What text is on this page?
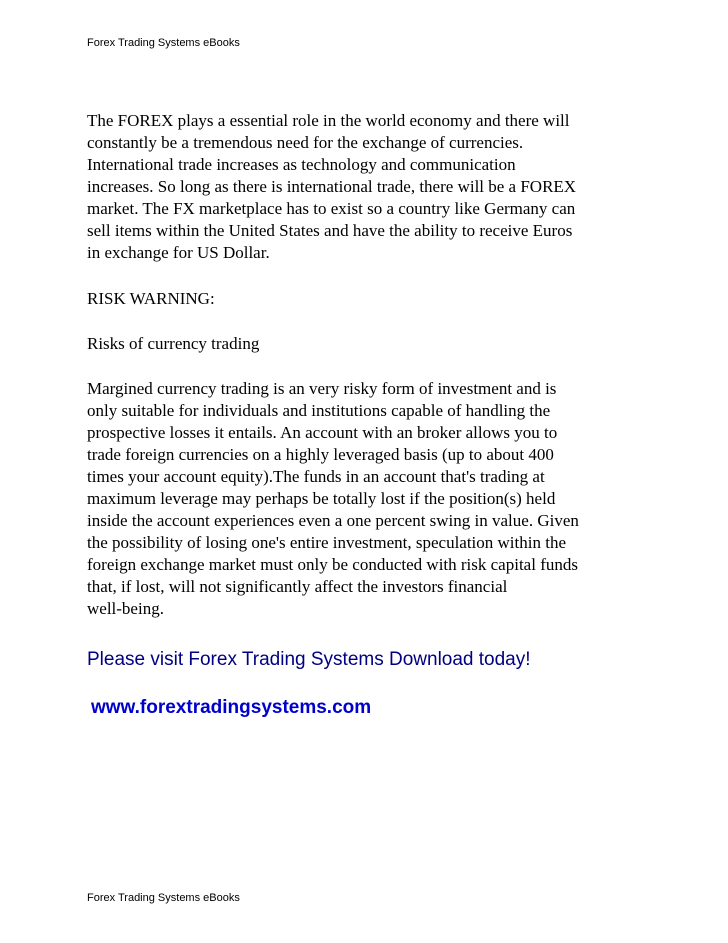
Forex Trading Systems eBooks
The FOREX plays a essential role in the world economy and there will
constantly be a tremendous need for the exchange of currencies.
International trade increases as technology and communication
increases. So long as there is international trade, there will be a FOREX
market. The FX marketplace has to exist so a country like Germany can
sell items within the United States and have the ability to receive Euros
in exchange for US Dollar.
RISK WARNING:
Risks of currency trading
Margined currency trading is an very risky form of investment and is
only suitable for individuals and institutions capable of handling the
prospective losses it entails. An account with an broker allows you to
trade foreign currencies on a highly leveraged basis (up to about 400
times your account equity).The funds in an account that's trading at
maximum leverage may perhaps be totally lost if the position(s) held
inside the account experiences even a one percent swing in value. Given
the possibility of losing one's entire investment, speculation within the
foreign exchange market must only be conducted with risk capital funds
that, if lost, will not significantly affect the investors financial
well-being.
Please visit Forex Trading Systems Download today!
www.forextradingsystems.com
Forex Trading Systems eBooks
